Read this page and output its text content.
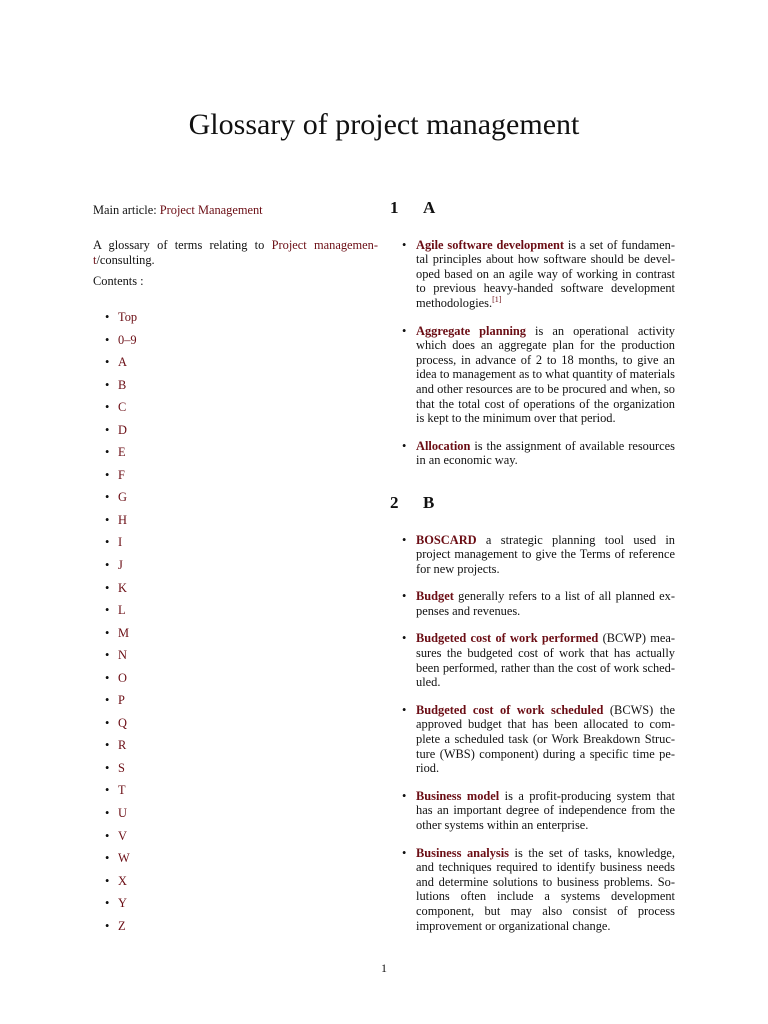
Glossary of project management

Main article: Project Management

A glossary of terms relating to Project management/consulting.

Contents :

• Top
• 0–9
• A
• B
• C
• D
• E
• F
• G
• H
• I
• J
• K
• L
• M
• N
• O
• P
• Q
• R
• S
• T
• U
• V
• W
• X
• Y
• Z
1	A
• Agile software development is a set of fundamental principles about how software should be developed based on an agile way of working in contrast to previous heavy-handed software development methodologies.[1]
• Aggregate planning is an operational activity which does an aggregate plan for the production process, in advance of 2 to 18 months, to give an idea to management as to what quantity of materials and other resources are to be procured and when, so that the total cost of operations of the organization is kept to the minimum over that period.
• Allocation is the assignment of available resources in an economic way.
2	B
• BOSCARD a strategic planning tool used in project management to give the Terms of reference for new projects.
• Budget generally refers to a list of all planned expenses and revenues.
• Budgeted cost of work performed (BCWP) measures the budgeted cost of work that has actually been performed, rather than the cost of work scheduled.
• Budgeted cost of work scheduled (BCWS) the approved budget that has been allocated to complete a scheduled task (or Work Breakdown Structure (WBS) component) during a specific time period.
• Business model is a profit-producing system that has an important degree of independence from the other systems within an enterprise.
• Business analysis is the set of tasks, knowledge, and techniques required to identify business needs and determine solutions to business problems. Solutions often include a systems development component, but may also consist of process improvement or organizational change.
1
